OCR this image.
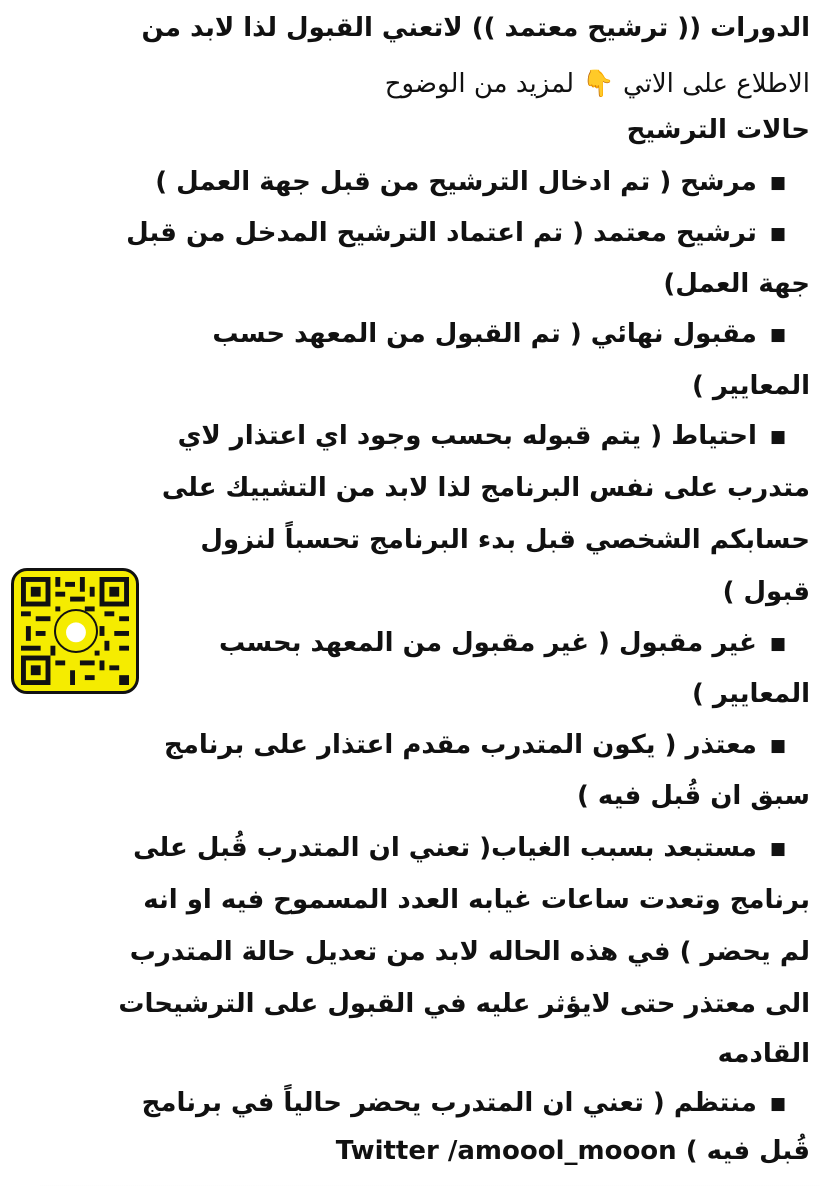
الدورات (( ترشيح معتمد )) لاتعني القبول لذا لابد من
الاطلاع على الاتي 👇 لمزيد من الوضوح
حالات الترشيح
■ مرشح ( تم ادخال الترشيح من قبل جهة العمل )
■ ترشيح معتمد ( تم اعتماد الترشيح المدخل من قبل
جهة العمل)
■ مقبول نهائي ( تم القبول من المعهد حسب
المعايير )
■ احتياط ( يتم قبوله بحسب وجود اي اعتذار لاي
متدرب على نفس البرنامج لذا لابد من التشييك على
حسابكم الشخصي قبل بدء البرنامج تحسباً لنزول
قبول )
■ غير مقبول ( غير مقبول من المعهد بحسب
المعايير )
■ معتذر ( يكون المتدرب مقدم اعتذار على برنامج
سبق ان قُبل فيه )
■ مستبعد بسبب الغياب( تعني ان المتدرب قُبل على
برنامج وتعدت ساعات غيابه العدد المسموح فيه او انه
لم يحضر ) في هذه الحاله لابد من تعديل حالة المتدرب
الى معتذر حتى لايؤثر عليه في القبول على الترشيحات
القادمه
■ منتظم ( تعني ان المتدرب يحضر حالياً في برنامج
قُبل فيه ) Twitter /amoool_mooon
●
